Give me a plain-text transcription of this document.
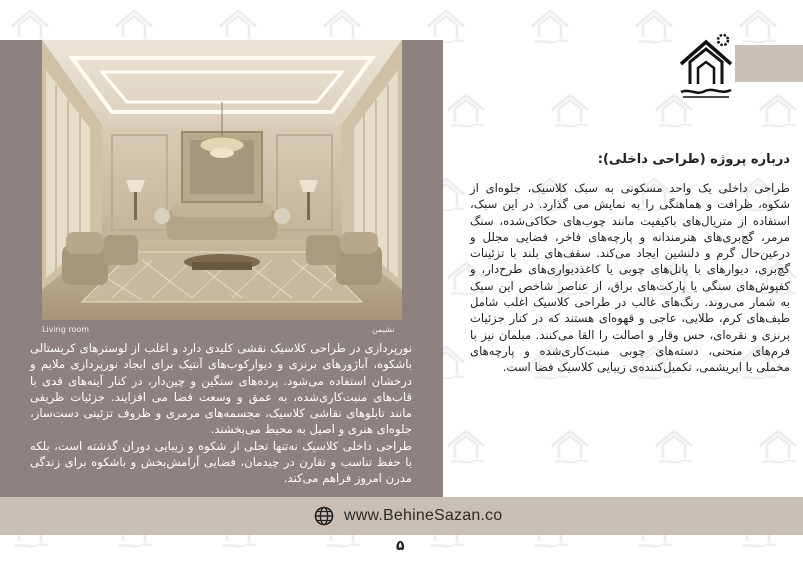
Living room	نشیمن

نورپردازی در طراحی کلاسیک نقشی کلیدی دارد و اغلب از لوسترهای کریستالی باشکوه، آباژورهای برنزی و دیوارکوب‌های آنتیک برای ایجاد نورپردازی ملایم و درخشان استفاده می‌شود. پرده‌های سنگین و چین‌دار، در کنار آینه‌های قدی با قاب‌های منبت‌کاری‌شده، به عمق و وسعت فضا می افزایند. جزئیات ظریفی مانند تابلوهای نقاشی کلاسیک، مجسمه‌های مرمری و ظروف تزئینی دست‌ساز، جلوه‌ای هنری و اصیل به محیط می‌بخشند.

طراحی داخلی کلاسیک نه‌تنها تجلی از شکوه و زیبایی دوران گذشته است، بلکه با حفظ تناسب و تقارن در چیدمان، فضایی آرامش‌بخش و باشکوه برای زندگی مدرن امروز فراهم می‌کند.

درباره پروژه (طراحی داخلی):

طراحی داخلی یک واحد مسکونی به سبک کلاسیک، جلوه‌ای از شکوه، ظرافت و هماهنگی را به نمایش می گذارد. در این سبک، استفاده از متریال‌های باکیفیت مانند چوب‌های حکاکی‌شده، سنگ مرمر، گچ‌بری‌های هنرمندانه و پارچه‌های فاخر، فضایی مجلل و درعین‌حال گرم و دلنشین ایجاد می‌کند. سقف‌های بلند با تزئینات گچ‌بری، دیوارهای با پانل‌های چوبی یا کاغذدیواری‌های طرح‌دار، و کفپوش‌های سنگی یا پارکت‌های براق، از عناصر شاخص این سبک به شمار می‌روند. رنگ‌های غالب در طراحی کلاسیک اغلب شامل طیف‌های کرم، طلایی، عاجی و قهوه‌ای هستند که در کنار جزئیات برنزی و نقره‌ای، حس وقار و اصالت را القا می‌کنند. مبلمان نیز با فرم‌های منحنی، دسته‌های چوبی منبت‌کاری‌شده و پارچه‌های مخملی یا ابریشمی، تکمیل‌کننده‌ی زیبایی کلاسیک فضا است.

www.BehineSazan.co
۵
